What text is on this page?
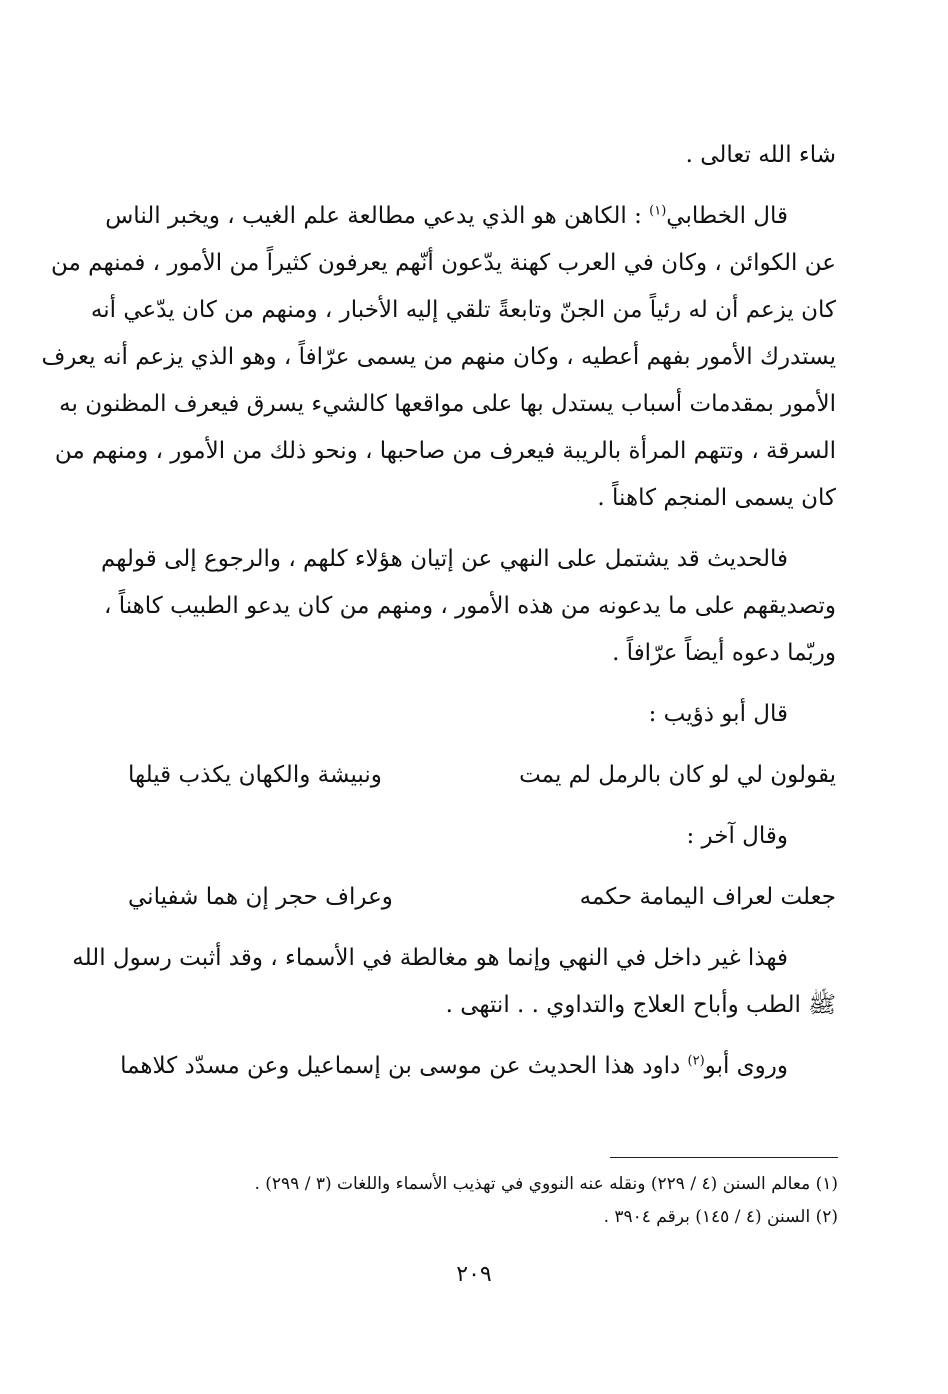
شاء الله تعالى .
قال الخطابي$^{(١)}$ : الكاهن هو الذي يدعي مطالعة علم الغيب ، ويخبر الناس
عن الكوائن ، وكان في العرب كهنة يدّعون أنّهم يعرفون كثيراً من الأمور ، فمنهم من
كان يزعم أن له رئياً من الجنّ وتابعةً تلقي إليه الأخبار ، ومنهم من كان يدّعي أنه
يستدرك الأمور بفهم أعطيه ، وكان منهم من يسمى عرّافاً ، وهو الذي يزعم أنه يعرف
الأمور بمقدمات أسباب يستدل بها على مواقعها كالشيء يسرق فيعرف المظنون به
السرقة ، وتتهم المرأة بالريبة فيعرف من صاحبها ، ونحو ذلك من الأمور ، ومنهم من
كان يسمى المنجم كاهناً .
فالحديث قد يشتمل على النهي عن إتيان هؤلاء كلهم ، والرجوع إلى قولهم
وتصديقهم على ما يدعونه من هذه الأمور ، ومنهم من كان يدعو الطبيب كاهناً ،
وربّما دعوه أيضاً عرّافاً .
قال أبو ذؤيب :
يقولون لي لو كان بالرمل لم يمت
ونبيشة والكهان يكذب قيلها
وقال آخر :
جعلت لعراف اليمامة حكمه
وعراف حجر إن هما شفياني
فهذا غير داخل في النهي وإنما هو مغالطة في الأسماء ، وقد أثبت رسول الله
ﷺ الطب وأباح العلاج والتداوي . . انتهى .
وروى أبو$^{(٢)}$ داود هذا الحديث عن موسى بن إسماعيل وعن مسدّد كلاهما
(١) معالم السنن (٤ / ٢٢٩) ونقله عنه النووي في تهذيب الأسماء واللغات (٣ / ٢٩٩) .
(٢) السنن (٤ / ١٤٥) برقم ٣٩٠٤ .
٢٠٩
